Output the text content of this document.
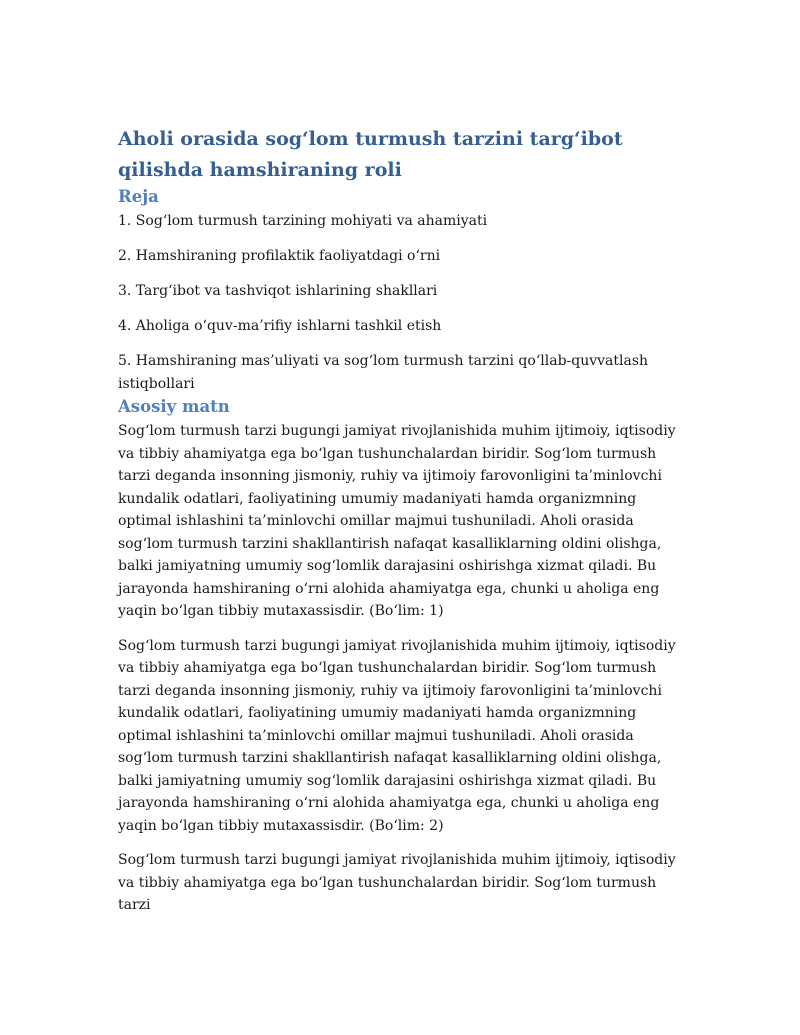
Aholi orasida sog‘lom turmush tarzini targ‘ibot qilishda hamshiraning roli
Reja

1. Sog‘lom turmush tarzining mohiyati va ahamiyati

2. Hamshiraning profilaktik faoliyatdagi o‘rni

3. Targ‘ibot va tashviqot ishlarining shakllari

4. Aholiga o‘quv-ma’rifiy ishlarni tashkil etish

5. Hamshiraning mas’uliyati va sog‘lom turmush tarzini qo‘llab-quvvatlash istiqbollari

Asosiy matn

Sog‘lom turmush tarzi bugungi jamiyat rivojlanishida muhim ijtimoiy, iqtisodiy va tibbiy ahamiyatga ega bo‘lgan tushunchalardan biridir. Sog‘lom turmush tarzi deganda insonning jismoniy, ruhiy va ijtimoiy farovonligini ta’minlovchi kundalik odatlari, faoliyatining umumiy madaniyati hamda organizmning optimal ishlashini ta’minlovchi omillar majmui tushuniladi. Aholi orasida sog‘lom turmush tarzini shakllantirish nafaqat kasalliklarning oldini olishga, balki jamiyatning umumiy sog‘lomlik darajasini oshirishga xizmat qiladi. Bu jarayonda hamshiraning o‘rni alohida ahamiyatga ega, chunki u aholiga eng yaqin bo‘lgan tibbiy mutaxassisdir. (Bo‘lim: 1)

Sog‘lom turmush tarzi bugungi jamiyat rivojlanishida muhim ijtimoiy, iqtisodiy va tibbiy ahamiyatga ega bo‘lgan tushunchalardan biridir. Sog‘lom turmush tarzi deganda insonning jismoniy, ruhiy va ijtimoiy farovonligini ta’minlovchi kundalik odatlari, faoliyatining umumiy madaniyati hamda organizmning optimal ishlashini ta’minlovchi omillar majmui tushuniladi. Aholi orasida sog‘lom turmush tarzini shakllantirish nafaqat kasalliklarning oldini olishga, balki jamiyatning umumiy sog‘lomlik darajasini oshirishga xizmat qiladi. Bu jarayonda hamshiraning o‘rni alohida ahamiyatga ega, chunki u aholiga eng yaqin bo‘lgan tibbiy mutaxassisdir. (Bo‘lim: 2)

Sog‘lom turmush tarzi bugungi jamiyat rivojlanishida muhim ijtimoiy, iqtisodiy va tibbiy ahamiyatga ega bo‘lgan tushunchalardan biridir. Sog‘lom turmush tarzi
